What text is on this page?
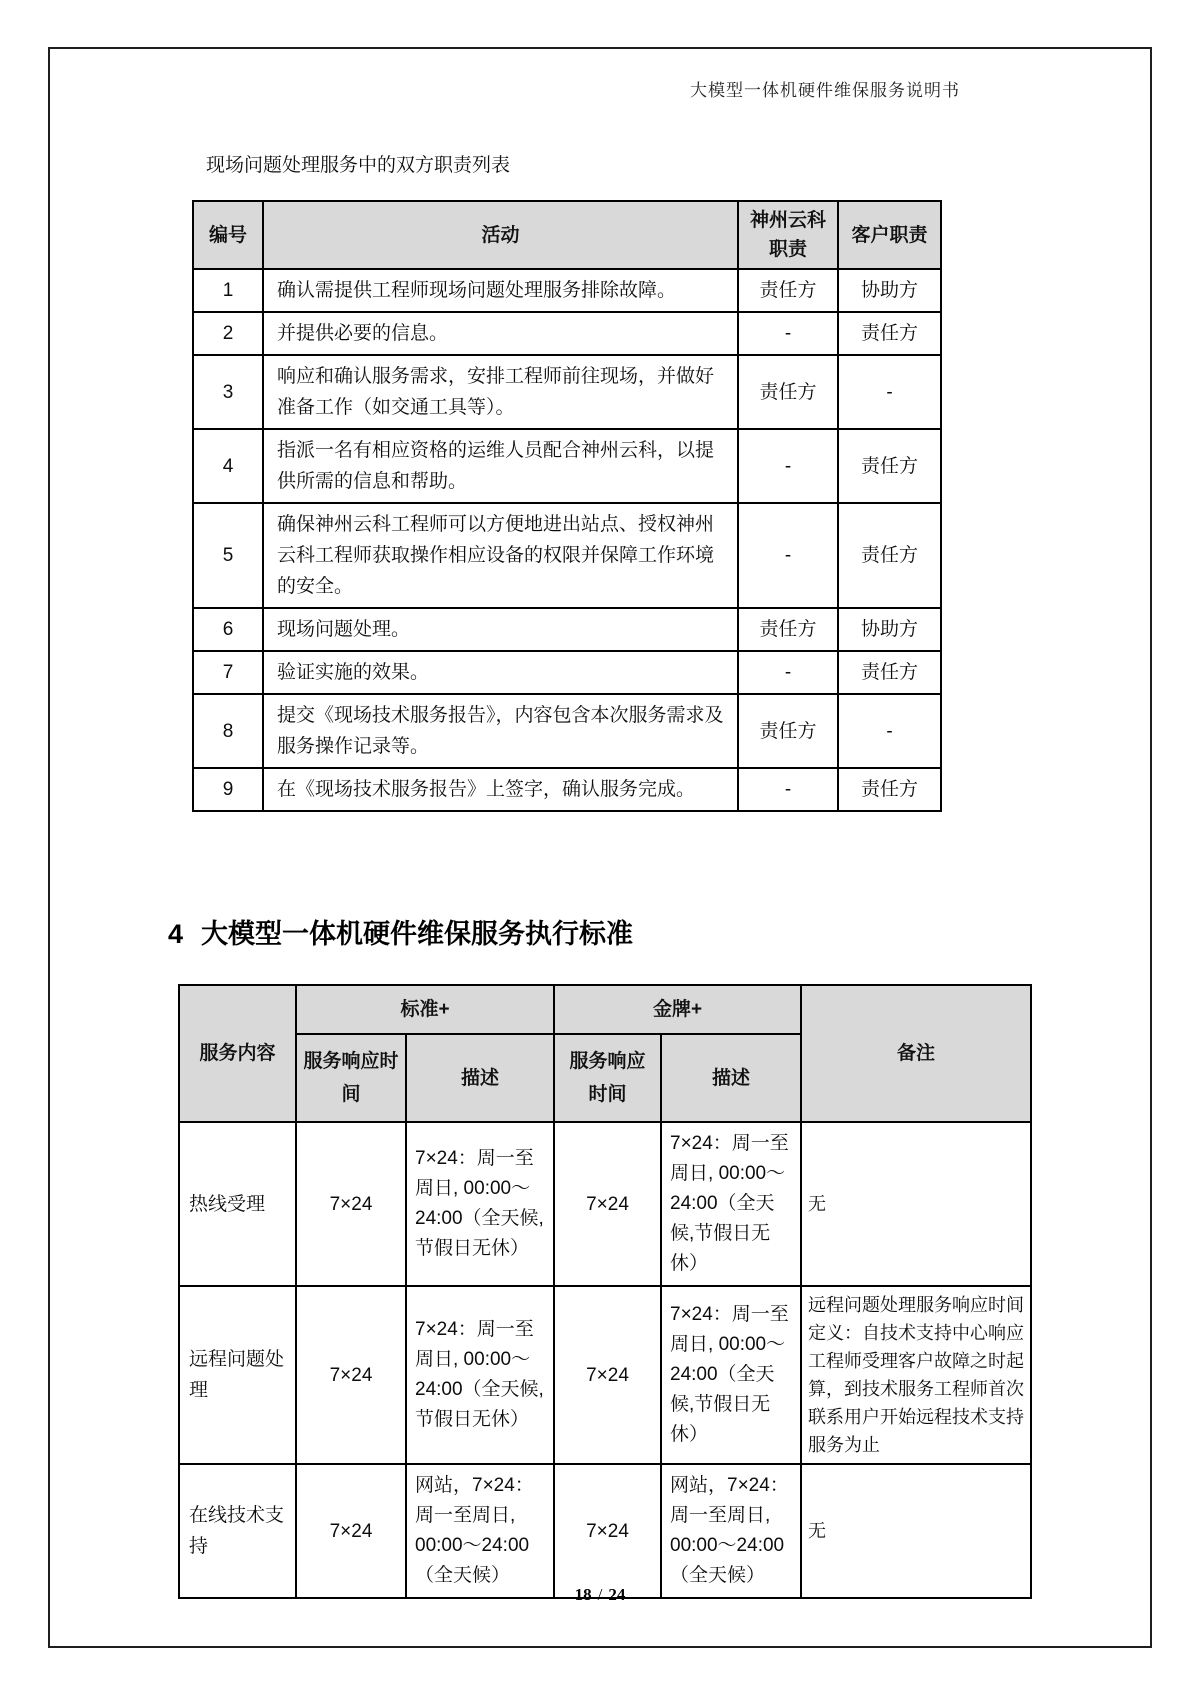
大模型一体机硬件维保服务说明书
现场问题处理服务中的双方职责列表
编号	活动	神州云科职责	客户职责
1	确认需提供工程师现场问题处理服务排除故障。	责任方	协助方
2	并提供必要的信息。	-	责任方
3	响应和确认服务需求，安排工程师前往现场，并做好准备工作（如交通工具等）。	责任方	-
4	指派一名有相应资格的运维人员配合神州云科，以提供所需的信息和帮助。	-	责任方
5	确保神州云科工程师可以方便地进出站点、授权神州云科工程师获取操作相应设备的权限并保障工作环境的安全。	-	责任方
6	现场问题处理。	责任方	协助方
7	验证实施的效果。	-	责任方
8	提交《现场技术服务报告》，内容包含本次服务需求及服务操作记录等。	责任方	-
9	在《现场技术服务报告》上签字，确认服务完成。	-	责任方
4 大模型一体机硬件维保服务执行标准
服务内容	标准+		金牌+		备注
	服务响应时间	描述	服务响应时间	描述	
热线受理	7×24	7×24：周一至周日, 00:00～24:00（全天候,节假日无休）	7×24	7×24：周一至周日, 00:00～24:00（全天候,节假日无休）	无
远程问题处理	7×24	7×24：周一至周日, 00:00～24:00（全天候,节假日无休）	7×24	7×24：周一至周日, 00:00～24:00（全天候,节假日无休）	远程问题处理服务响应时间定义：自技术支持中心响应工程师受理客户故障之时起算，到技术服务工程师首次联系用户开始远程技术支持服务为止
在线技术支持	7×24	网站，7×24：周一至周日, 00:00～24:00（全天候）	7×24	网站，7×24：周一至周日, 00:00～24:00（全天候）	无
18 / 24
